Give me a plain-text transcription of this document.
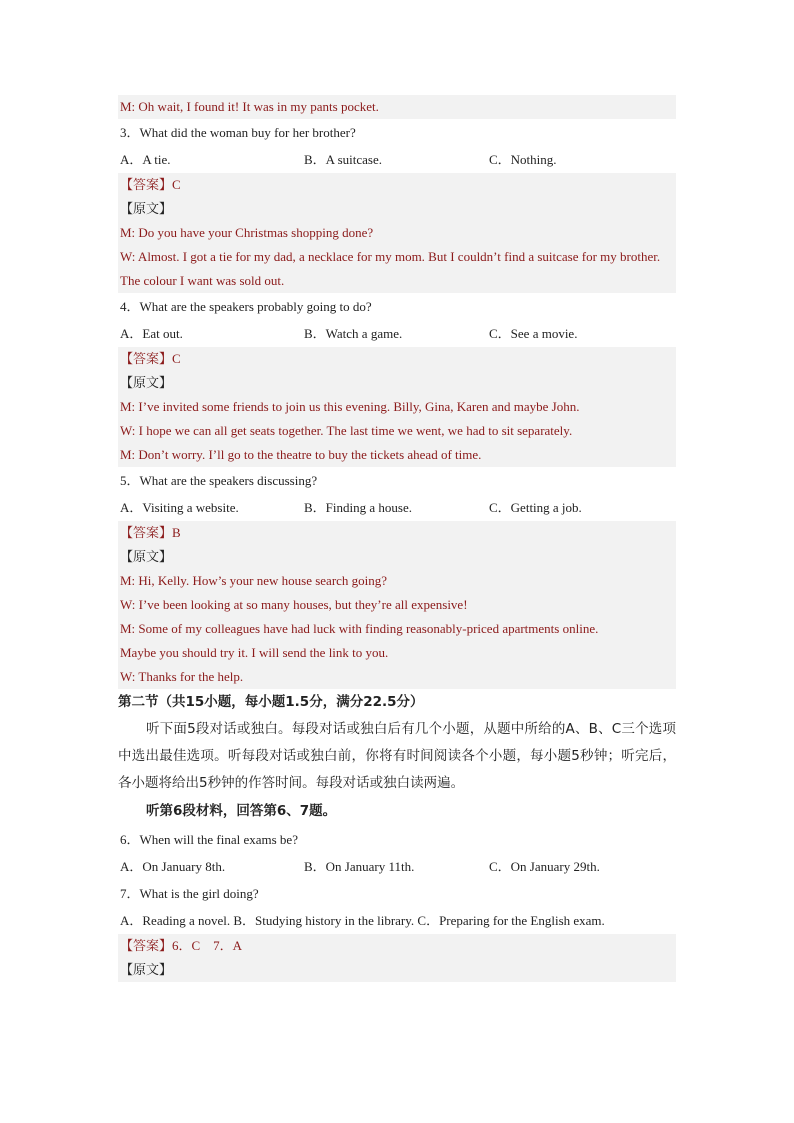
M: Oh wait, I found it! It was in my pants pocket.
3．What did the woman buy for her brother?
A．A tie.	B．A suitcase.	C．Nothing.
【答案】C
【原文】
M: Do you have your Christmas shopping done?
W: Almost. I got a tie for my dad, a necklace for my mom. But I couldn’t find a suitcase for my brother. The colour I want was sold out.
4．What are the speakers probably going to do?
A．Eat out.	B．Watch a game.	C．See a movie.
【答案】C
【原文】
M: I’ve invited some friends to join us this evening. Billy, Gina, Karen and maybe John.
W: I hope we can all get seats together. The last time we went, we had to sit separately.
M: Don’t worry. I’ll go to the theatre to buy the tickets ahead of time.
5．What are the speakers discussing?
A．Visiting a website.	B．Finding a house.	C．Getting a job.
【答案】B
【原文】
M: Hi, Kelly. How’s your new house search going?
W: I’ve been looking at so many houses, but they’re all expensive!
M: Some of my colleagues have had luck with finding reasonably-priced apartments online.
Maybe you should try it. I will send the link to you.
W: Thanks for the help.
第二节（共15小题，每小题1.5分，满分22.5分）
听下面5段对话或独白。每段对话或独白后有几个小题，从题中所给的A、B、C三个选项中选出最佳选项。听每段对话或独白前，你将有时间阅读各个小题，每小题5秒钟；听完后，各小题将给出5秒钟的作答时间。每段对话或独白读两遍。
听第6段材料，回答第6、7题。
6．When will the final exams be?
A．On January 8th.	B．On January 11th.	C．On January 29th.
7．What is the girl doing?
A．Reading a novel. B．Studying history in the library. C．Preparing for the English exam.
【答案】6．C　7．A
【原文】
